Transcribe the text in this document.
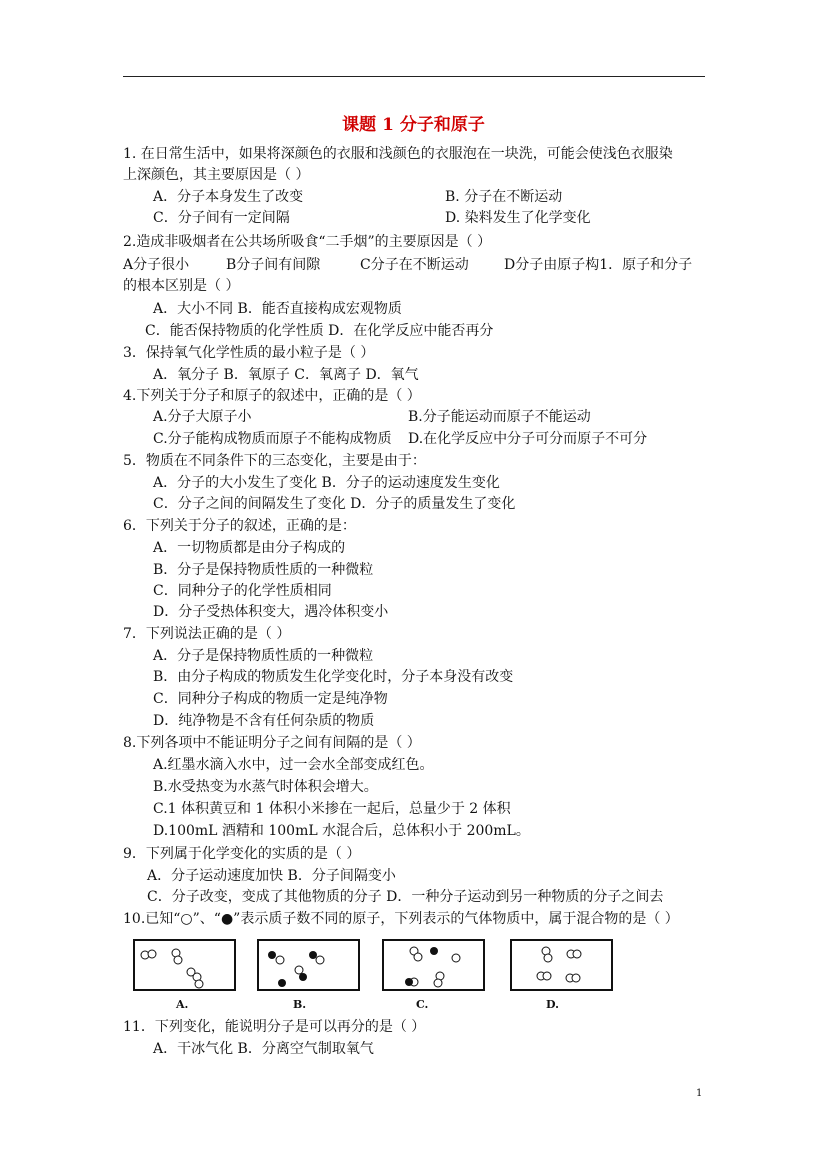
课题 1 分子和原子
1. 在日常生活中，如果将深颜色的衣服和浅颜色的衣服泡在一块洗，可能会使浅色衣服染
上深颜色，其主要原因是（ ）
A．分子本身发生了改变	B. 分子在不断运动
C．分子间有一定间隔	D. 染料发生了化学变化
2.造成非吸烟者在公共场所吸食“二手烟”的主要原因是（ ）
A分子很小	B分子间有间隙	C分子在不断运动	D分子由原子构1．原子和分子
的根本区别是（ ）
A．大小不同 B．能否直接构成宏观物质
C．能否保持物质的化学性质 D．在化学反应中能否再分
3．保持氧气化学性质的最小粒子是（ ）
A．氧分子 B．氧原子 C．氧离子 D．氧气
4.下列关于分子和原子的叙述中，正确的是（ ）
A.分子大原子小	B.分子能运动而原子不能运动
C.分子能构成物质而原子不能构成物质 D.在化学反应中分子可分而原子不可分
5．物质在不同条件下的三态变化，主要是由于：
A．分子的大小发生了变化 B．分子的运动速度发生变化
C．分子之间的间隔发生了变化 D．分子的质量发生了变化
6．下列关于分子的叙述，正确的是：
A．一切物质都是由分子构成的
B．分子是保持物质性质的一种微粒
C．同种分子的化学性质相同
D．分子受热体积变大，遇冷体积变小
7．下列说法正确的是（ ）
A．分子是保持物质性质的一种微粒
B．由分子构成的物质发生化学变化时，分子本身没有改变
C．同种分子构成的物质一定是纯净物
D．纯净物是不含有任何杂质的物质
8.下列各项中不能证明分子之间有间隔的是（ ）
A.红墨水滴入水中，过一会水全部变成红色。
B.水受热变为水蒸气时体积会增大。
C.1 体积黄豆和 1 体积小米掺在一起后，总量少于 2 体积
D.100mL 酒精和 100mL 水混合后，总体积小于 200mL。
9．下列属于化学变化的实质的是（ ）
A．分子运动速度加快 B．分子间隔变小
C．分子改变，变成了其他物质的分子 D．一种分子运动到另一种物质的分子之间去
10.已知“○”、“●”表示质子数不同的原子，下列表示的气体物质中，属于混合物的是（ ）
A.	B.	C.	D.
11．下列变化，能说明分子是可以再分的是（ ）
A．干冰气化 B．分离空气制取氧气
1
